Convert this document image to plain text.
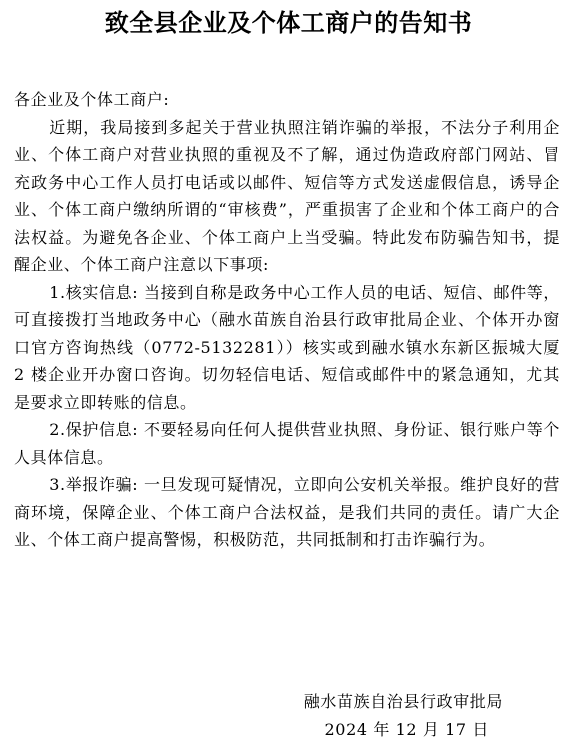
致全县企业及个体工商户的告知书

各企业及个体工商户:

近期，我局接到多起关于营业执照注销诈骗的举报，不法分子利用企业、个体工商户对营业执照的重视及不了解，通过伪造政府部门网站、冒充政务中心工作人员打电话或以邮件、短信等方式发送虚假信息，诱导企业、个体工商户缴纳所谓的“审核费”，严重损害了企业和个体工商户的合法权益。为避免各企业、个体工商户上当受骗。特此发布防骗告知书，提醒企业、个体工商户注意以下事项:

1.核实信息: 当接到自称是政务中心工作人员的电话、短信、邮件等，可直接拨打当地政务中心（融水苗族自治县行政审批局企业、个体开办窗口官方咨询热线（0772-5132281））核实或到融水镇水东新区振城大厦 2 楼企业开办窗口咨询。切勿轻信电话、短信或邮件中的紧急通知，尤其是要求立即转账的信息。

2.保护信息: 不要轻易向任何人提供营业执照、身份证、银行账户等个人具体信息。

3.举报诈骗: 一旦发现可疑情况，立即向公安机关举报。维护良好的营商环境，保障企业、个体工商户合法权益，是我们共同的责任。请广大企业、个体工商户提高警惕，积极防范，共同抵制和打击诈骗行为。

融水苗族自治县行政审批局
2024 年 12 月 17 日
